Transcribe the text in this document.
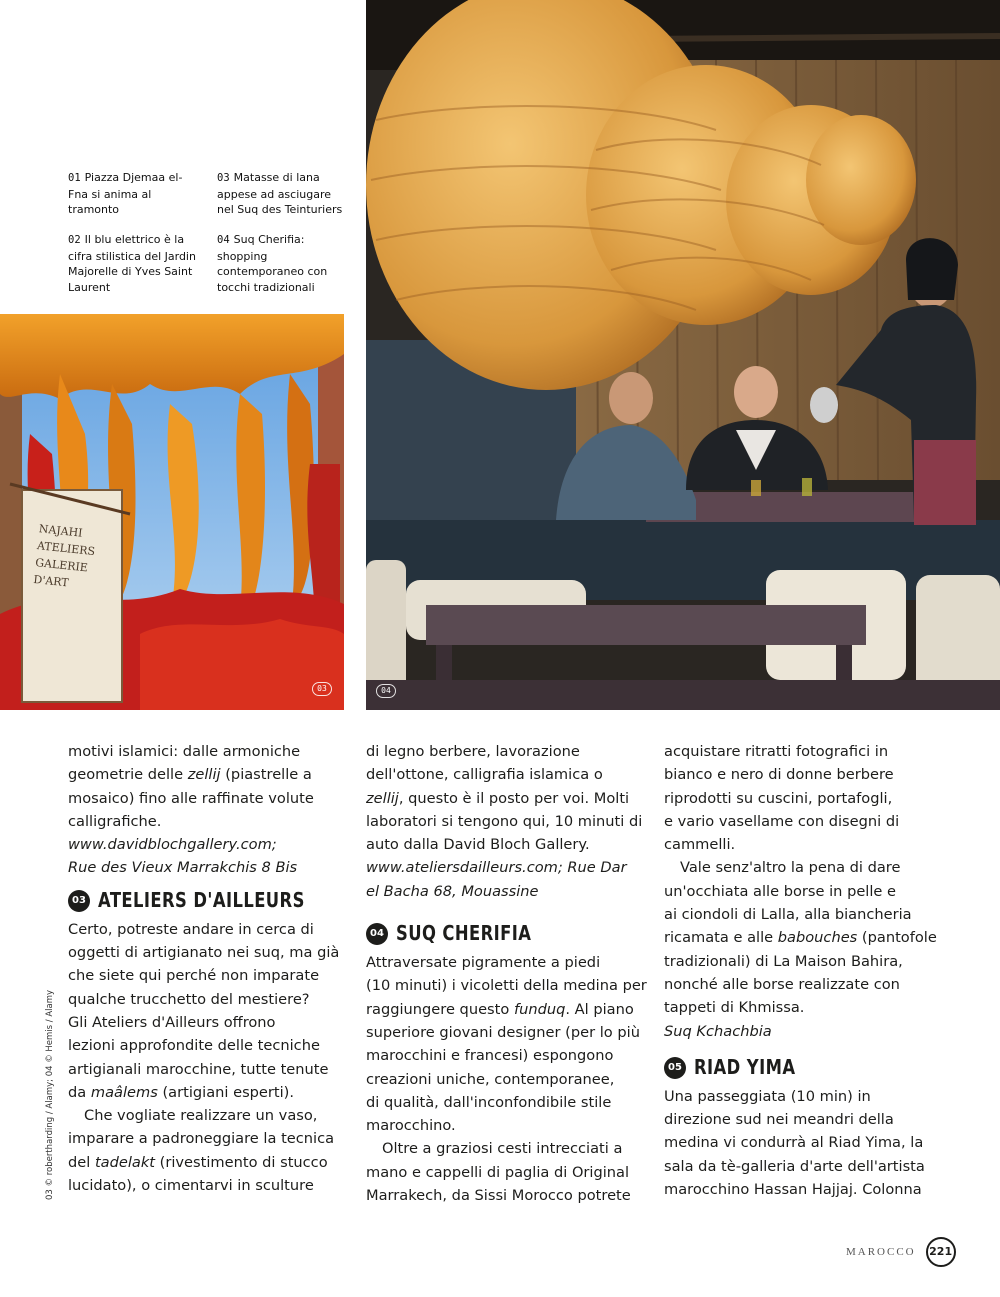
01 Piazza Djemaa el-Fna si anima al tramonto
02 Il blu elettrico è la cifra stilistica del Jardin Majorelle di Yves Saint Laurent
03 Matasse di lana appese ad asciugare nel Suq des Teinturiers
04 Suq Cherifia: shopping contemporaneo con tocchi tradizionali
NAJAHI
ATELIERS
GALERIE
D'ART
03	04

motivi islamici: dalle armoniche
geometrie delle zellij (piastrelle a
mosaico) fino alle raffinate volute
calligrafiche.

www.davidblochgallery.com;
Rue des Vieux Marrakchis 8 Bis

03 ATELIERS D'AILLEURS

Certo, potreste andare in cerca di
oggetti di artigianato nei suq, ma già
che siete qui perché non imparate
qualche trucchetto del mestiere?
Gli Ateliers d'Ailleurs offrono
lezioni approfondite delle tecniche
artigianali marocchine, tutte tenute
da maâlems (artigiani esperti).

Che vogliate realizzare un vaso,
imparare a padroneggiare la tecnica
del tadelakt (rivestimento di stucco
lucidato), o cimentarvi in sculture

di legno berbere, lavorazione
dell'ottone, calligrafia islamica o
zellij, questo è il posto per voi. Molti
laboratori si tengono qui, 10 minuti di
auto dalla David Bloch Gallery.

www.ateliersdailleurs.com; Rue Dar
el Bacha 68, Mouassine

04 SUQ CHERIFIA

Attraversate pigramente a piedi
(10 minuti) i vicoletti della medina per
raggiungere questo funduq. Al piano
superiore giovani designer (per lo più
marocchini e francesi) espongono
creazioni uniche, contemporanee,
di qualità, dall'inconfondibile stile
marocchino.

Oltre a graziosi cesti intrecciati a
mano e cappelli di paglia di Original
Marrakech, da Sissi Morocco potrete

acquistare ritratti fotografici in
bianco e nero di donne berbere
riprodotti su cuscini, portafogli,
e vario vasellame con disegni di
cammelli.

Vale senz'altro la pena di dare
un'occhiata alle borse in pelle e
ai ciondoli di Lalla, alla biancheria
ricamata e alle babouches (pantofole
tradizionali) di La Maison Bahira,
nonché alle borse realizzate con
tappeti di Khmissa.

Suq Kchachbia

05 RIAD YIMA

Una passeggiata (10 min) in
direzione sud nei meandri della
medina vi condurrà al Riad Yima, la
sala da tè-galleria d'arte dell'artista
marocchino Hassan Hajjaj. Colonna

03 © robertharding / Alamy; 04 © Hemis / Alamy
MAROCCO	221
